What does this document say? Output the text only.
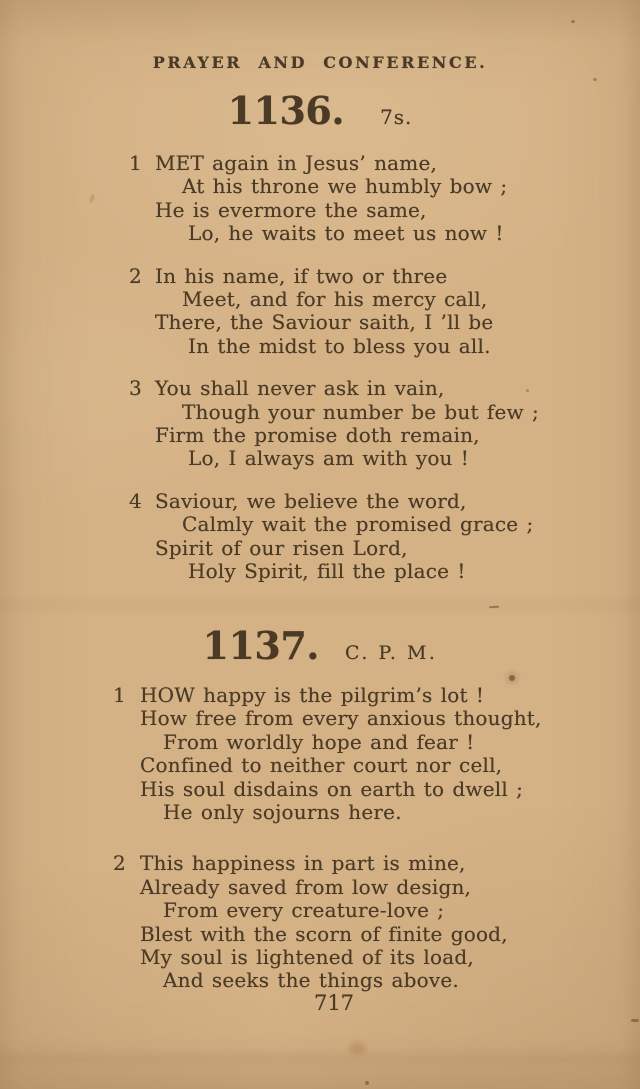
PRAYER AND CONFERENCE.
1136. 7s.
1 MET again in Jesus’ name,
At his throne we humbly bow ;
He is evermore the same,
Lo, he waits to meet us now !
2 In his name, if two or three
Meet, and for his mercy call,
There, the Saviour saith, I ’ll be
In the midst to bless you all.
3 You shall never ask in vain,
Though your number be but few ;
Firm the promise doth remain,
Lo, I always am with you !
4 Saviour, we believe the word,
Calmly wait the promised grace ;
Spirit of our risen Lord,
Holy Spirit, fill the place !
1137. C. P. M.
1 HOW happy is the pilgrim’s lot !
How free from every anxious thought,
From worldly hope and fear !
Confined to neither court nor cell,
His soul disdains on earth to dwell ;
He only sojourns here.
2 This happiness in part is mine,
Already saved from low design,
From every creature-love ;
Blest with the scorn of finite good,
My soul is lightened of its load,
And seeks the things above.
717
